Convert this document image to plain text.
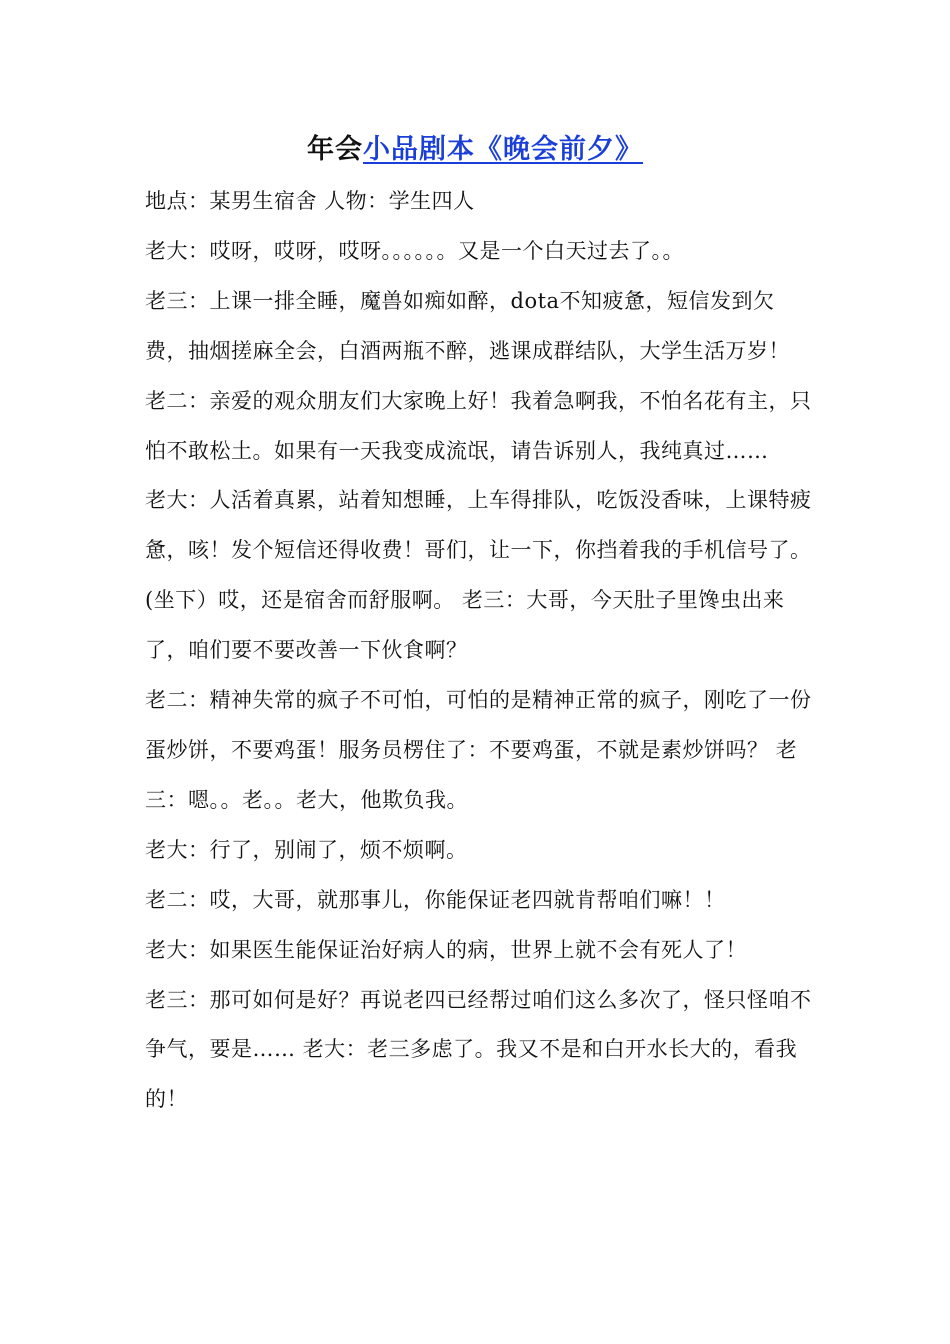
年会小品剧本《晚会前夕》

地点：某男生宿舍 人物：学生四人

老大：哎呀，哎呀，哎呀。。。。。。又是一个白天过去了。。

老三：上课一排全睡，魔兽如痴如醉，dota不知疲惫，短信发到欠费，抽烟搓麻全会，白酒两瓶不醉，逃课成群结队，大学生活万岁！

老二：亲爱的观众朋友们大家晚上好！我着急啊我，不怕名花有主，只怕不敢松土。如果有一天我变成流氓，请告诉别人，我纯真过……

老大：人活着真累，站着知想睡，上车得排队，吃饭没香味，上课特疲惫，咳！发个短信还得收费！哥们，让一下，你挡着我的手机信号了。(坐下）哎，还是宿舍而舒服啊。 老三：大哥，今天肚子里馋虫出来了，咱们要不要改善一下伙食啊？

老二：精神失常的疯子不可怕，可怕的是精神正常的疯子，刚吃了一份蛋炒饼，不要鸡蛋！服务员楞住了：不要鸡蛋，不就是素炒饼吗？ 老三：嗯。。老。。老大，他欺负我。

老大：行了，别闹了，烦不烦啊。

老二：哎，大哥，就那事儿，你能保证老四就肯帮咱们嘛！！

老大：如果医生能保证治好病人的病，世界上就不会有死人了！

老三：那可如何是好？再说老四已经帮过咱们这么多次了，怪只怪咱不争气，要是…… 老大：老三多虑了。我又不是和白开水长大的，看我的！
